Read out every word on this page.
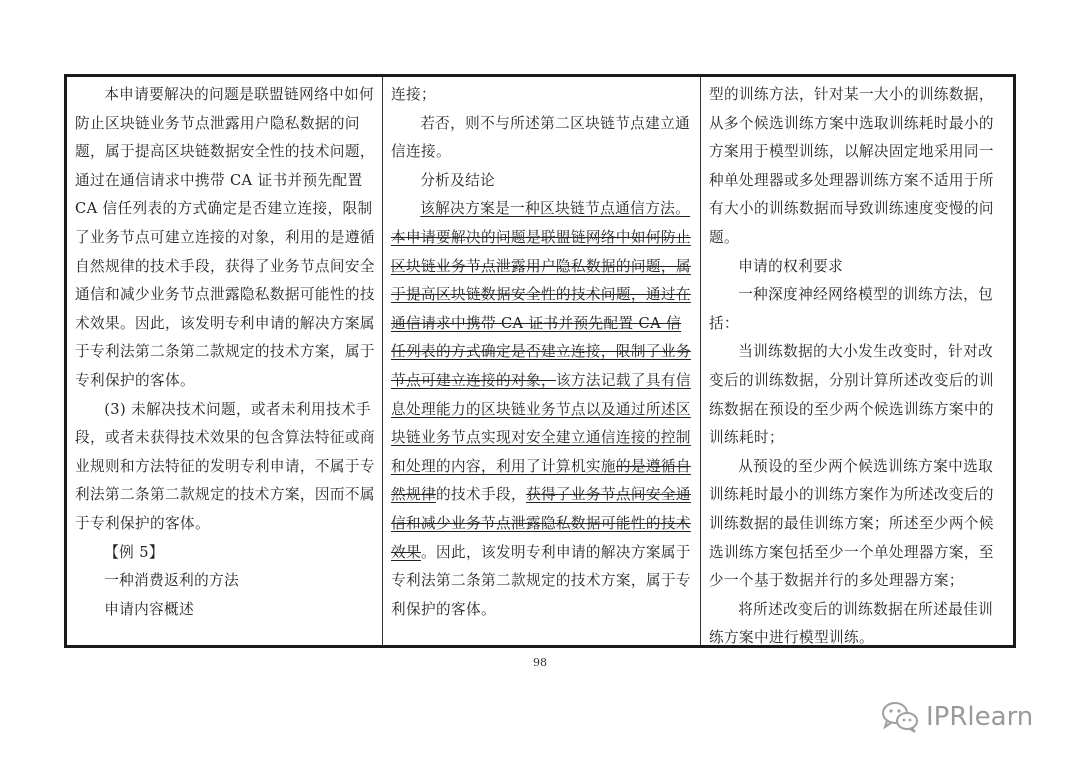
本申请要解决的问题是联盟链网络中如何防止区块链业务节点泄露用户隐私数据的问题，属于提高区块链数据安全性的技术问题，通过在通信请求中携带 CA 证书并预先配置 CA 信任列表的方式确定是否建立连接，限制了业务节点可建立连接的对象，利用的是遵循自然规律的技术手段，获得了业务节点间安全通信和减少业务节点泄露隐私数据可能性的技术效果。因此，该发明专利申请的解决方案属于专利法第二条第二款规定的技术方案，属于专利保护的客体。

(3) 未解决技术问题，或者未利用技术手段，或者未获得技术效果的包含算法特征或商业规则和方法特征的发明专利申请，不属于专利法第二条第二款规定的技术方案，因而不属于专利保护的客体。

【例 5】

一种消费返利的方法

申请内容概述

连接；

若否，则不与所述第二区块链节点建立通信连接。

分析及结论

该解决方案是一种区块链节点通信方法。本申请要解决的问题是联盟链网络中如何防止区块链业务节点泄露用户隐私数据的问题，属于提高区块链数据安全性的技术问题，通过在通信请求中携带 CA 证书并预先配置 CA 信任列表的方式确定是否建立连接，限制了业务节点可建立连接的对象，该方法记载了具有信息处理能力的区块链业务节点以及通过所述区块链业务节点实现对安全建立通信连接的控制和处理的内容，利用了计算机实施的是遵循自然规律的技术手段，获得了业务节点间安全通信和减少业务节点泄露隐私数据可能性的技术效果。因此，该发明专利申请的解决方案属于专利法第二条第二款规定的技术方案，属于专利保护的客体。

型的训练方法，针对某一大小的训练数据，从多个候选训练方案中选取训练耗时最小的方案用于模型训练，以解决固定地采用同一种单处理器或多处理器训练方案不适用于所有大小的训练数据而导致训练速度变慢的问题。

申请的权利要求

一种深度神经网络模型的训练方法，包括：

当训练数据的大小发生改变时，针对改变后的训练数据，分别计算所述改变后的训练数据在预设的至少两个候选训练方案中的训练耗时；

从预设的至少两个候选训练方案中选取训练耗时最小的训练方案作为所述改变后的训练数据的最佳训练方案；所述至少两个候选训练方案包括至少一个单处理器方案，至少一个基于数据并行的多处理器方案；

将所述改变后的训练数据在所述最佳训练方案中进行模型训练。

98
IPRlearn
